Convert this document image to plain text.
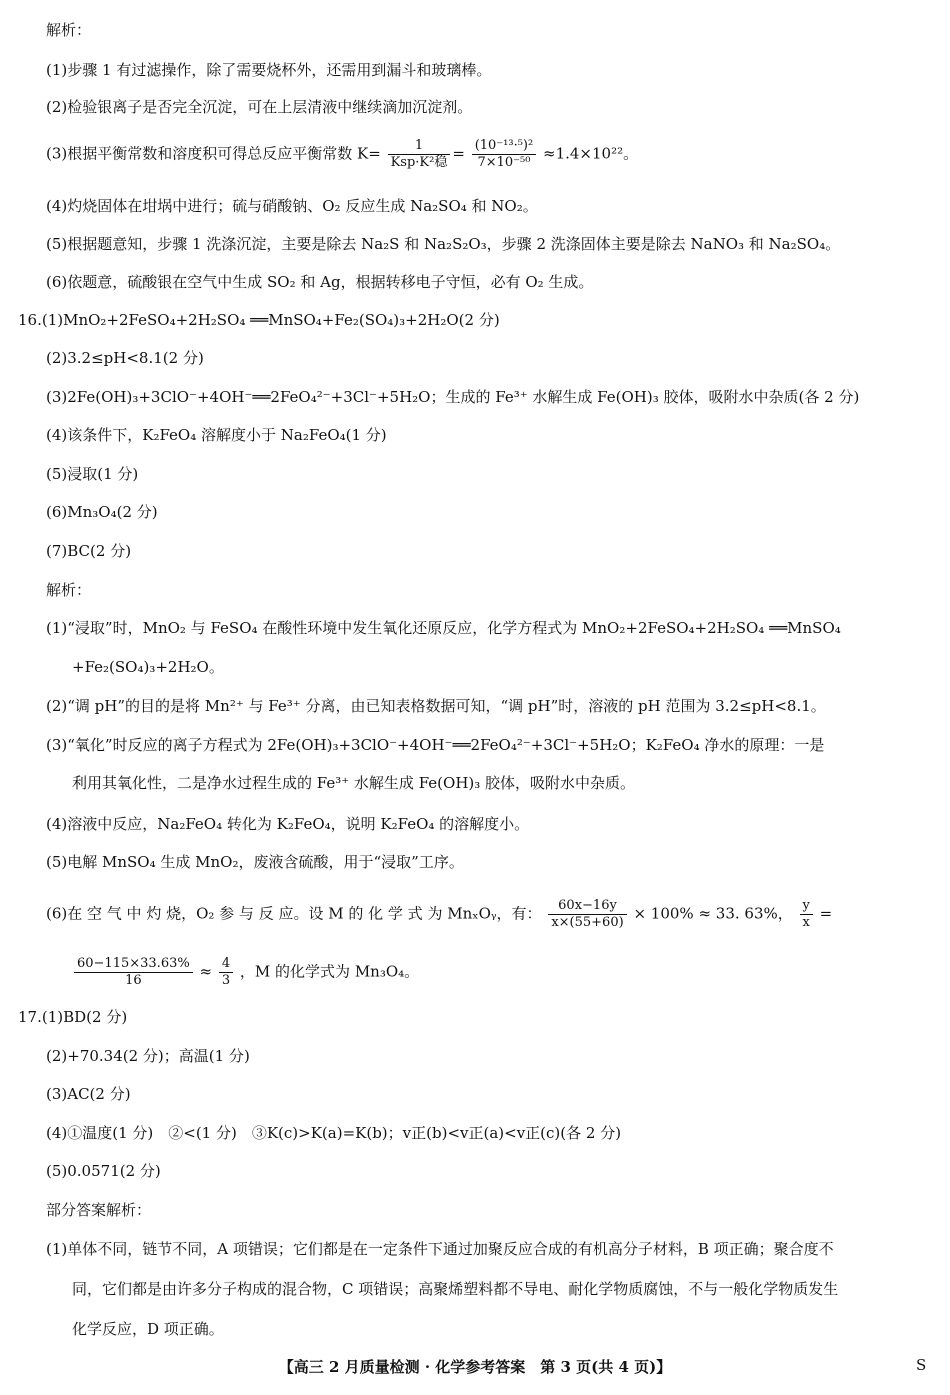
解析：
(1)步骤 1 有过滤操作，除了需要烧杯外，还需用到漏斗和玻璃棒。
(2)检验银离子是否完全沉淀，可在上层清液中继续滴加沉淀剂。
(3)根据平衡常数和溶度积可得总反应平衡常数 $K= \frac{1}{\text{Ksp·K²稳}} = \frac{\text{(10⁻¹³·⁵)²}}{\text{7×10⁻⁵⁰}} \approx 1.4\times 10^{22}$。
(4)灼烧固体在坩埚中进行；硫与硝酸钠、O₂ 反应生成 Na₂SO₄ 和 NO₂。
(5)根据题意知，步骤 1 洗涤沉淀，主要是除去 Na₂S 和 Na₂S₂O₃，步骤 2 洗涤固体主要是除去 NaNO₃ 和 Na₂SO₄。
(6)依题意，硫酸银在空气中生成 SO₂ 和 Ag，根据转移电子守恒，必有 O₂ 生成。
16.(1)MnO₂+2FeSO₄+2H₂SO₄ ══MnSO₄+Fe₂(SO₄)₃+2H₂O(2 分)
(2)3.2≤pH<8.1(2 分)
(3)2Fe(OH)₃+3ClO⁻+4OH⁻══2FeO₄²⁻+3Cl⁻+5H₂O；生成的 Fe³⁺ 水解生成 Fe(OH)₃ 胶体，吸附水中杂质(各 2 分)
(4)该条件下，K₂FeO₄ 溶解度小于 Na₂FeO₄(1 分)
(5)浸取(1 分)
(6)Mn₃O₄(2 分)
(7)BC(2 分)
解析：
(1)“浸取”时，MnO₂ 与 FeSO₄ 在酸性环境中发生氧化还原反应，化学方程式为 MnO₂+2FeSO₄+2H₂SO₄ ══MnSO₄
+Fe₂(SO₄)₃+2H₂O。
(2)“调 pH”的目的是将 Mn²⁺ 与 Fe³⁺ 分离，由已知表格数据可知，“调 pH”时，溶液的 pH 范围为 3.2≤pH<8.1。
(3)“氧化”时反应的离子方程式为 2Fe(OH)₃+3ClO⁻+4OH⁻══2FeO₄²⁻+3Cl⁻+5H₂O；K₂FeO₄ 净水的原理：一是
利用其氧化性，二是净水过程生成的 Fe³⁺ 水解生成 Fe(OH)₃ 胶体，吸附水中杂质。
(4)溶液中反应，Na₂FeO₄ 转化为 K₂FeO₄，说明 K₂FeO₄ 的溶解度小。
(5)电解 MnSO₄ 生成 MnO₂，废液含硫酸，用于“浸取”工序。
(6)在 空 气 中 灼 烧，O₂ 参 与 反 应。设 M 的 化 学 式 为 MnₓOᵧ，有： $\frac{60x-16y}{x\times(55+60)} \times 100\% \approx 33$. 63%， $\frac{y}{x}$ =
$\frac{60-115\times 33.63\%}{16} \approx \frac{4}{3}$ ，M 的化学式为 Mn₃O₄。
17.(1)BD(2 分)
(2)+70.34(2 分)；高温(1 分)
(3)AC(2 分)
(4)①温度(1 分)　②<(1 分)　③K(c)>K(a)=K(b)；v正(b)<v正(a)<v正(c)(各 2 分)
(5)0.0571(2 分)
部分答案解析：
(1)单体不同，链节不同，A 项错误；它们都是在一定条件下通过加聚反应合成的有机高分子材料，B 项正确；聚合度不
同，它们都是由许多分子构成的混合物，C 项错误；高聚烯塑料都不导电、耐化学物质腐蚀，不与一般化学物质发生
化学反应，D 项正确。
【高三 2 月质量检测 · 化学参考答案　第 3 页(共 4 页)】	S
